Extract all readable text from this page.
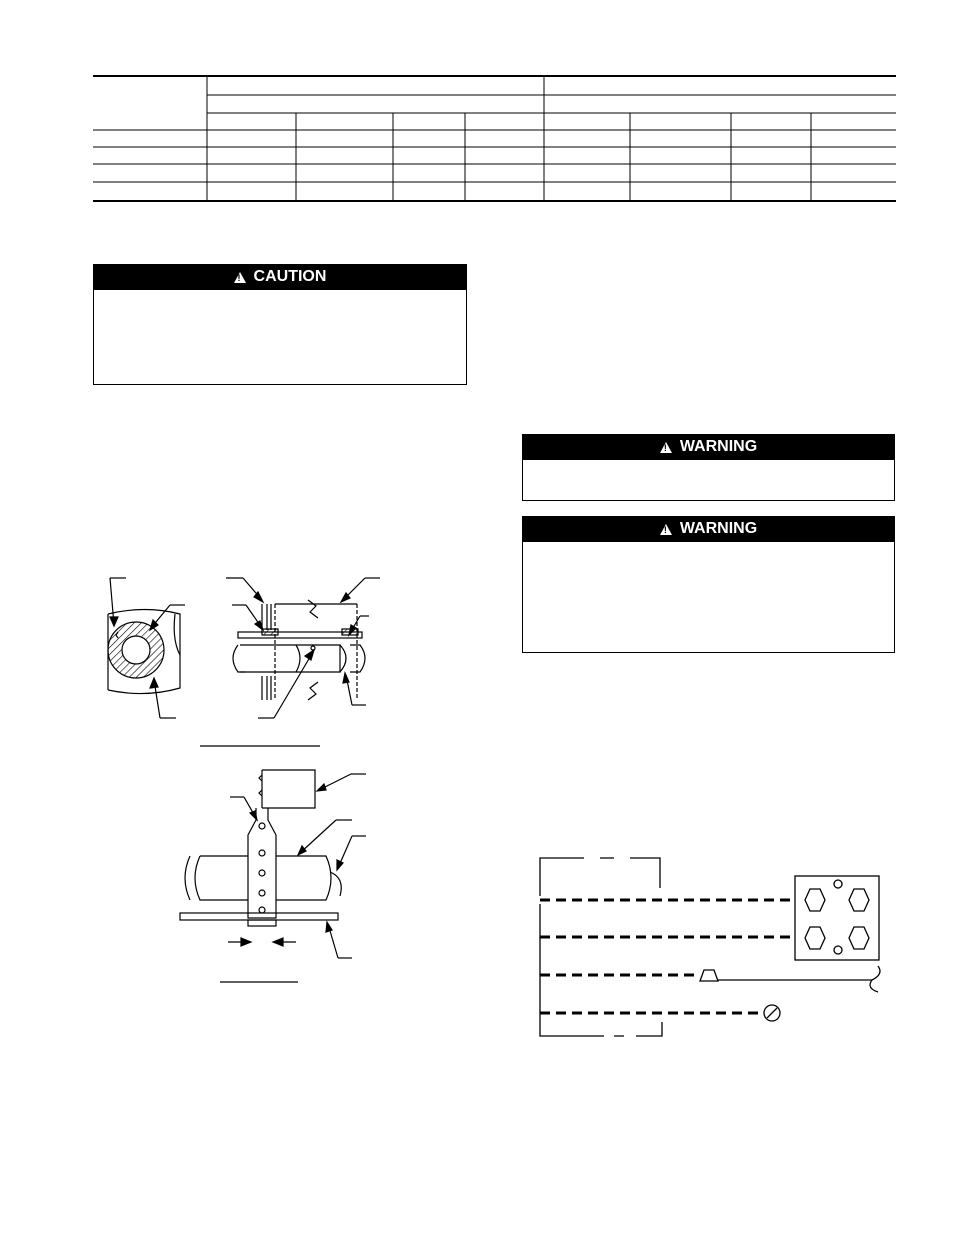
!
CAUTION
!
WARNING
!
WARNING
